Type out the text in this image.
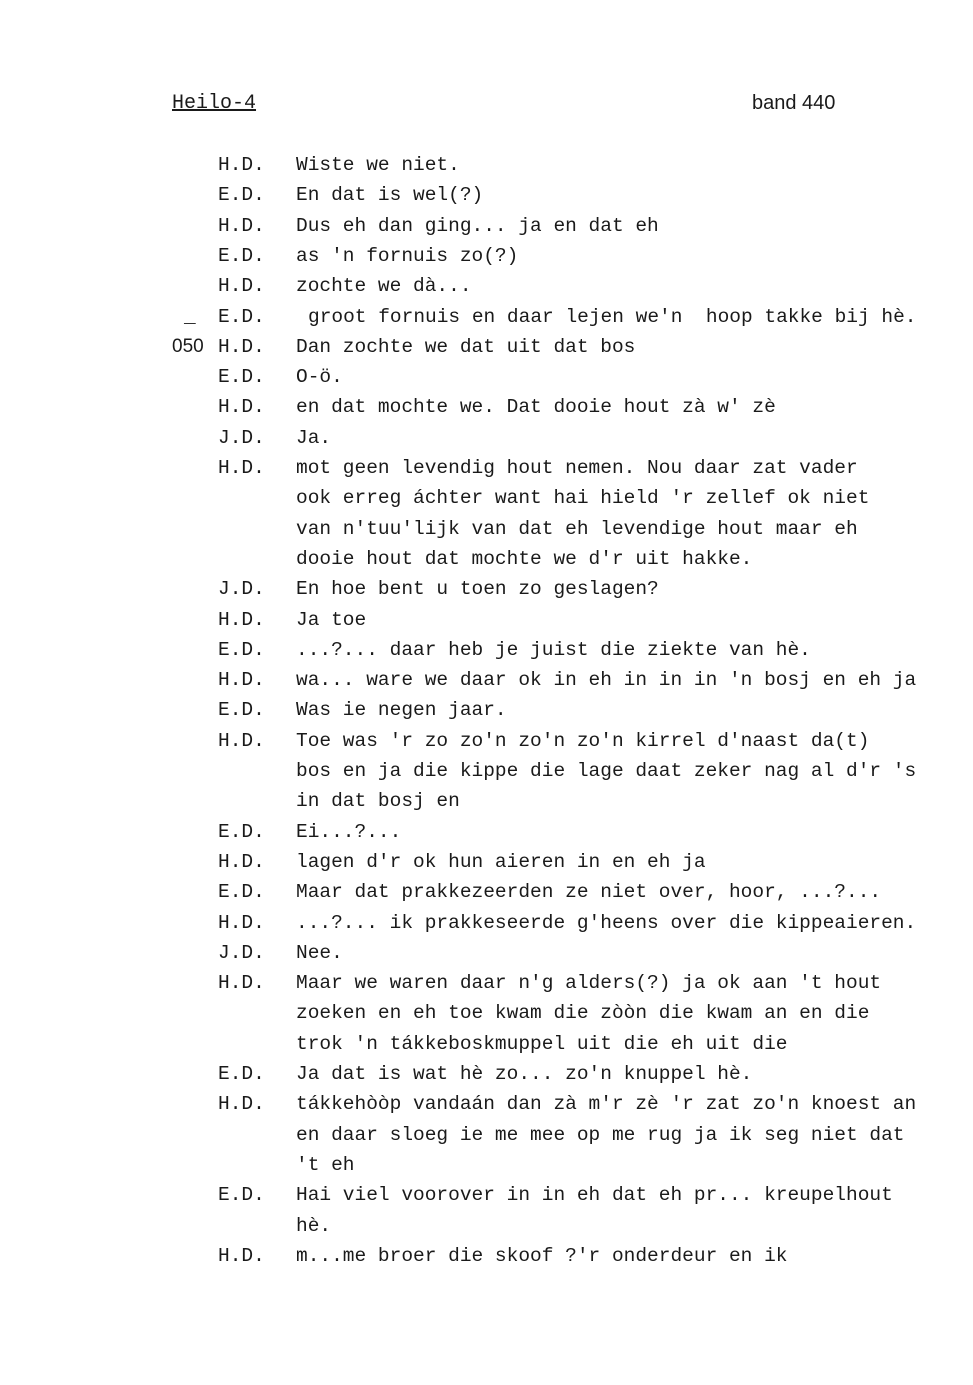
Heilo-4	band 440
H.D. Wiste we niet.
E.D. En dat is wel(?)
H.D. Dus eh dan ging... ja en dat eh
E.D. as 'n fornuis zo(?)
H.D. zochte we dà...
_ E.D. groot fornuis en daar lejen we'n  hoop takke bij hè.
050 H.D. Dan zochte we dat uit dat bos
E.D. O-ö.
H.D. en dat mochte we. Dat dooie hout zà w' zè
J.D. Ja.
H.D. mot geen levendig hout nemen. Nou daar zat vader
ook erreg áchter want hai hield 'r zellef ok niet
van n'tuu'lijk van dat eh levendige hout maar eh
dooie hout dat mochte we d'r uit hakke.
J.D. En hoe bent u toen zo geslagen?
H.D. Ja toe
E.D. ...?... daar heb je juist die ziekte van hè.
H.D. wa... ware we daar ok in eh in in in 'n bosj en eh ja
E.D. Was ie negen jaar.
H.D. Toe was 'r zo zo'n zo'n zo'n kirrel d'naast da(t)
bos en ja die kippe die lage daat zeker nag al d'r 's
in dat bosj en
E.D. Ei...?...
H.D. lagen d'r ok hun aieren in en eh ja
E.D. Maar dat prakkezeerden ze niet over, hoor, ...?...
H.D. ...?... ik prakkeseerde g'heens over die kippeaieren.
J.D. Nee.
H.D. Maar we waren daar n'g alders(?) ja ok aan 't hout
zoeken en eh toe kwam die zòòn die kwam an en die
trok 'n tákkeboskmuppel uit die eh uit die
E.D. Ja dat is wat hè zo... zo'n knuppel hè.
H.D. tákkehòòp vandaán dan zà m'r zè 'r zat zo'n knoest an
en daar sloeg ie me mee op me rug ja ik seg niet dat
't eh
E.D. Hai viel voorover in in eh dat eh pr... kreupelhout
hè.
H.D. m...me broer die skoof ?'r onderdeur en ik
